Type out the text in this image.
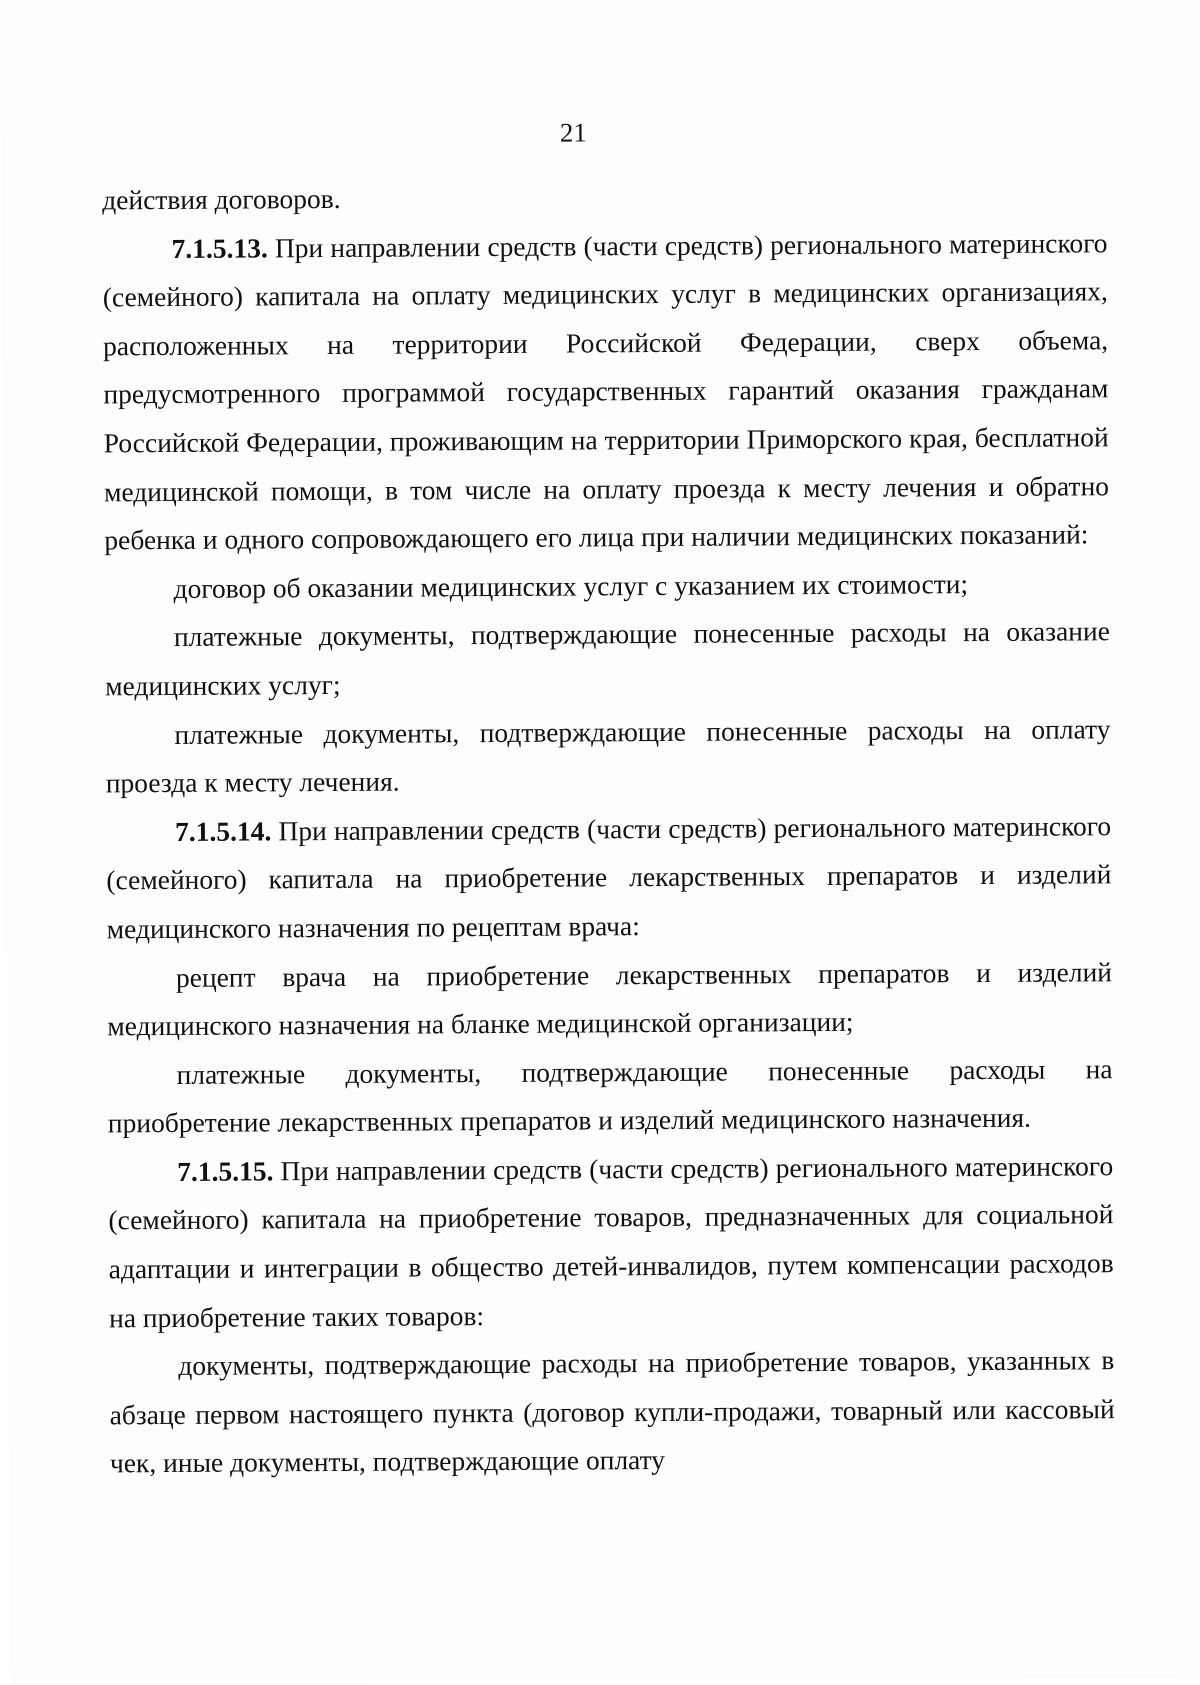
21

действия договоров.

7.1.5.13. При направлении средств (части средств) регионального материнского (семейного) капитала на оплату медицинских услуг в медицинских организациях, расположенных на территории Российской Федерации, сверх объема, предусмотренного программой государственных гарантий оказания гражданам Российской Федерации, проживающим на территории Приморского края, бесплатной медицинской помощи, в том числе на оплату проезда к месту лечения и обратно ребенка и одного сопровождающего его лица при наличии медицинских показаний:

договор об оказании медицинских услуг с указанием их стоимости;

платежные документы, подтверждающие понесенные расходы на оказание медицинских услуг;

платежные документы, подтверждающие понесенные расходы на оплату проезда к месту лечения.

7.1.5.14. При направлении средств (части средств) регионального материнского (семейного) капитала на приобретение лекарственных препаратов и изделий медицинского назначения по рецептам врача:

рецепт врача на приобретение лекарственных препаратов и изделий медицинского назначения на бланке медицинской организации;

платежные документы, подтверждающие понесенные расходы на приобретение лекарственных препаратов и изделий медицинского назначения.

7.1.5.15. При направлении средств (части средств) регионального материнского (семейного) капитала на приобретение товаров, предназначенных для социальной адаптации и интеграции в общество детей-инвалидов, путем компенсации расходов на приобретение таких товаров:

документы, подтверждающие расходы на приобретение товаров, указанных в абзаце первом настоящего пункта (договор купли-продажи, товарный или кассовый чек, иные документы, подтверждающие оплату
